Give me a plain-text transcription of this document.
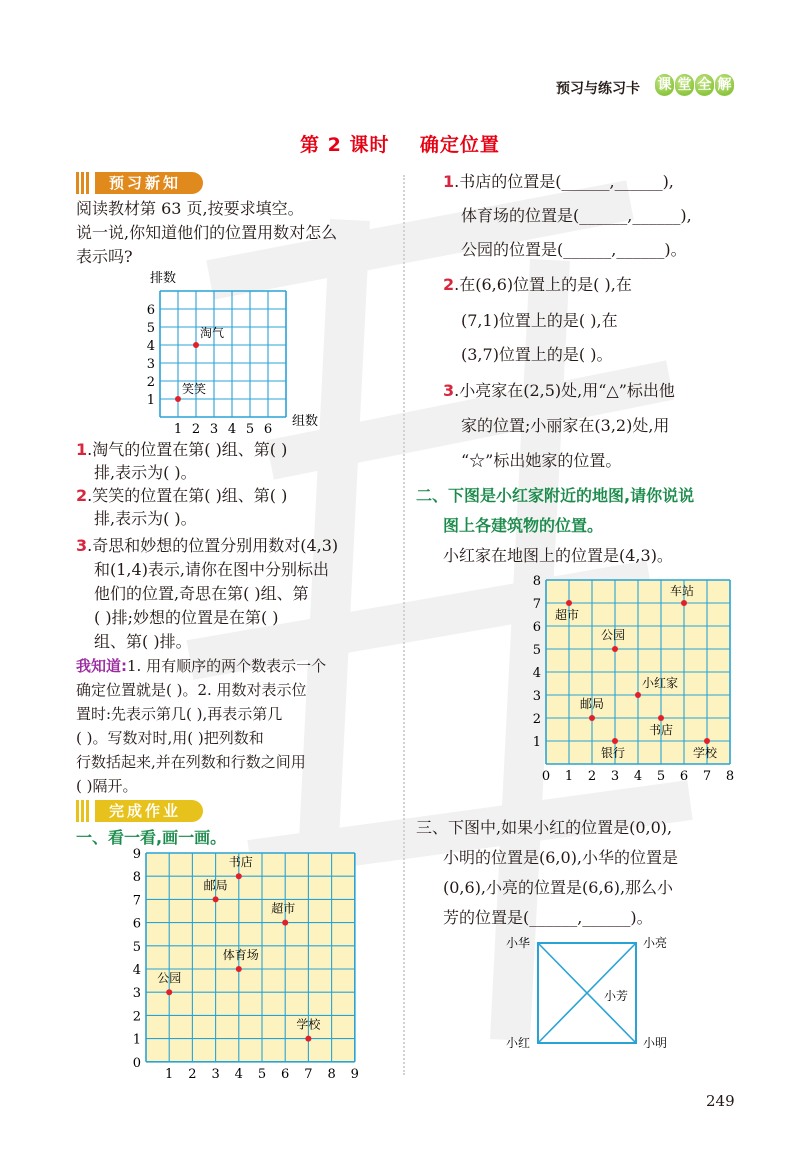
预习与练习卡 课 堂 全 解
第 2 课时    确定位置
预习新知
阅读教材第 63 页,按要求填空。
说一说,你知道他们的位置用数对怎么
表示吗?
排数
1 2 3 4 5 6
1
2
3
4
5
6
淘气
笑笑
组数
1.淘气的位置在第( )组、第( )
排,表示为( )。
2.笑笑的位置在第( )组、第( )
排,表示为( )。
3.奇思和妙想的位置分别用数对(4,3)
和(1,4)表示,请你在图中分别标出
他们的位置,奇思在第( )组、第
( )排;妙想的位置是在第( )
组、第( )排。
我知道:1. 用有顺序的两个数表示一个
确定位置就是( )。2. 用数对表示位
置时:先表示第几( ),再表示第几
( )。写数对时,用( )把列数和
行数括起来,并在列数和行数之间用
( )隔开。
完成作业
一、看一看,画一画。
1 2 3 4 5 6 7 8 9
0
1
2
3
4
5
6
7
8
9
书店
邮局
超市
体育场
公园
学校
1.书店的位置是(______,______),
体育场的位置是(______,______),
公园的位置是(______,______)。
2.在(6,6)位置上的是( ),在
(7,1)位置上的是( ),在
(3,7)位置上的是( )。
3.小亮家在(2,5)处,用“△”标出他
家的位置;小丽家在(3,2)处,用
“☆”标出她家的位置。
二、下图是小红家附近的地图,请你说说
图上各建筑物的位置。
小红家在地图上的位置是(4,3)。
0 1 2 3 4 5 6 7 8
1
2
3
4
5
6
7
8
超市
车站
公园
小红家
邮局
书店
银行	学校
三、下图中,如果小红的位置是(0,0),
小明的位置是(6,0),小华的位置是
(0,6),小亮的位置是(6,6),那么小
芳的位置是(______,______)。
小华	小亮
小红	小明
小芳
249
